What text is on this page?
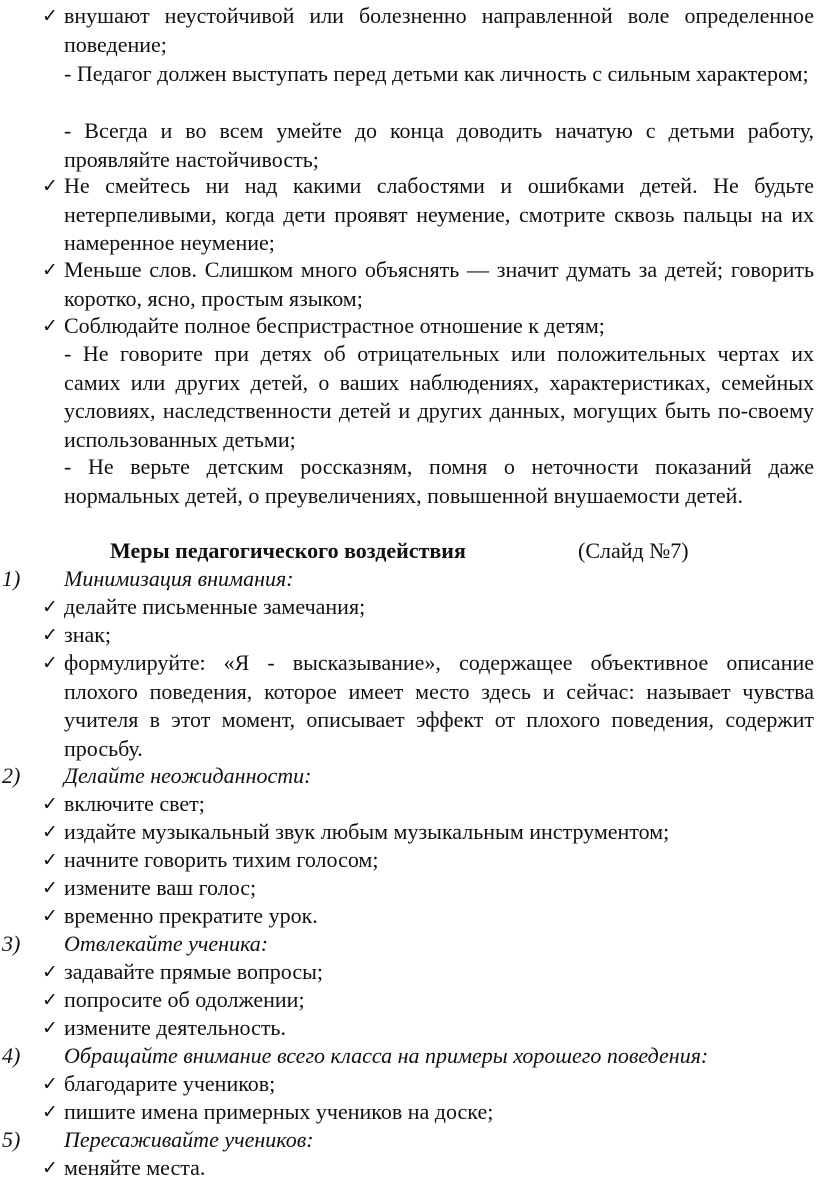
✓ внушают неустойчивой или болезненно направленной воле определенное поведение;
- Педагог должен выступать перед детьми как личность с сильным характером;
- Всегда и во всем умейте до конца доводить начатую с детьми работу, проявляйте настойчивость;
✓ Не смейтесь ни над какими слабостями и ошибками детей. Не будьте нетерпеливыми, когда дети проявят неумение, смотрите сквозь пальцы на их намеренное неумение;
✓ Меньше слов. Слишком много объяснять — значит думать за детей; говорить коротко, ясно, простым языком;
✓ Соблюдайте полное беспристрастное отношение к детям;
- Не говорите при детях об отрицательных или положительных чертах их самих или других детей, о ваших наблюдениях, характеристиках, семейных условиях, наследственности детей и других данных, могущих быть по-своему использованных детьми;
- Не верьте детским россказням, помня о неточности показаний даже нормальных детей, о преувеличениях, повышенной внушаемости детей.
Меры педагогического воздействия	(Слайд №7)
1) Минимизация внимания:
✓ делайте письменные замечания;
✓ знак;
✓ формулируйте: «Я - высказывание», содержащее объективное описание плохого поведения, которое имеет место здесь и сейчас: называет чувства учителя в этот момент, описывает эффект от плохого поведения, содержит просьбу.
2) Делайте неожиданности:
✓ включите свет;
✓ издайте музыкальный звук любым музыкальным инструментом;
✓ начните говорить тихим голосом;
✓ измените ваш голос;
✓ временно прекратите урок.
3) Отвлекайте ученика:
✓ задавайте прямые вопросы;
✓ попросите об одолжении;
✓ измените деятельность.
4) Обращайте внимание всего класса на примеры хорошего поведения:
✓ благодарите учеников;
✓ пишите имена примерных учеников на доске;
5) Пересаживайте учеников:
✓ меняйте места.
